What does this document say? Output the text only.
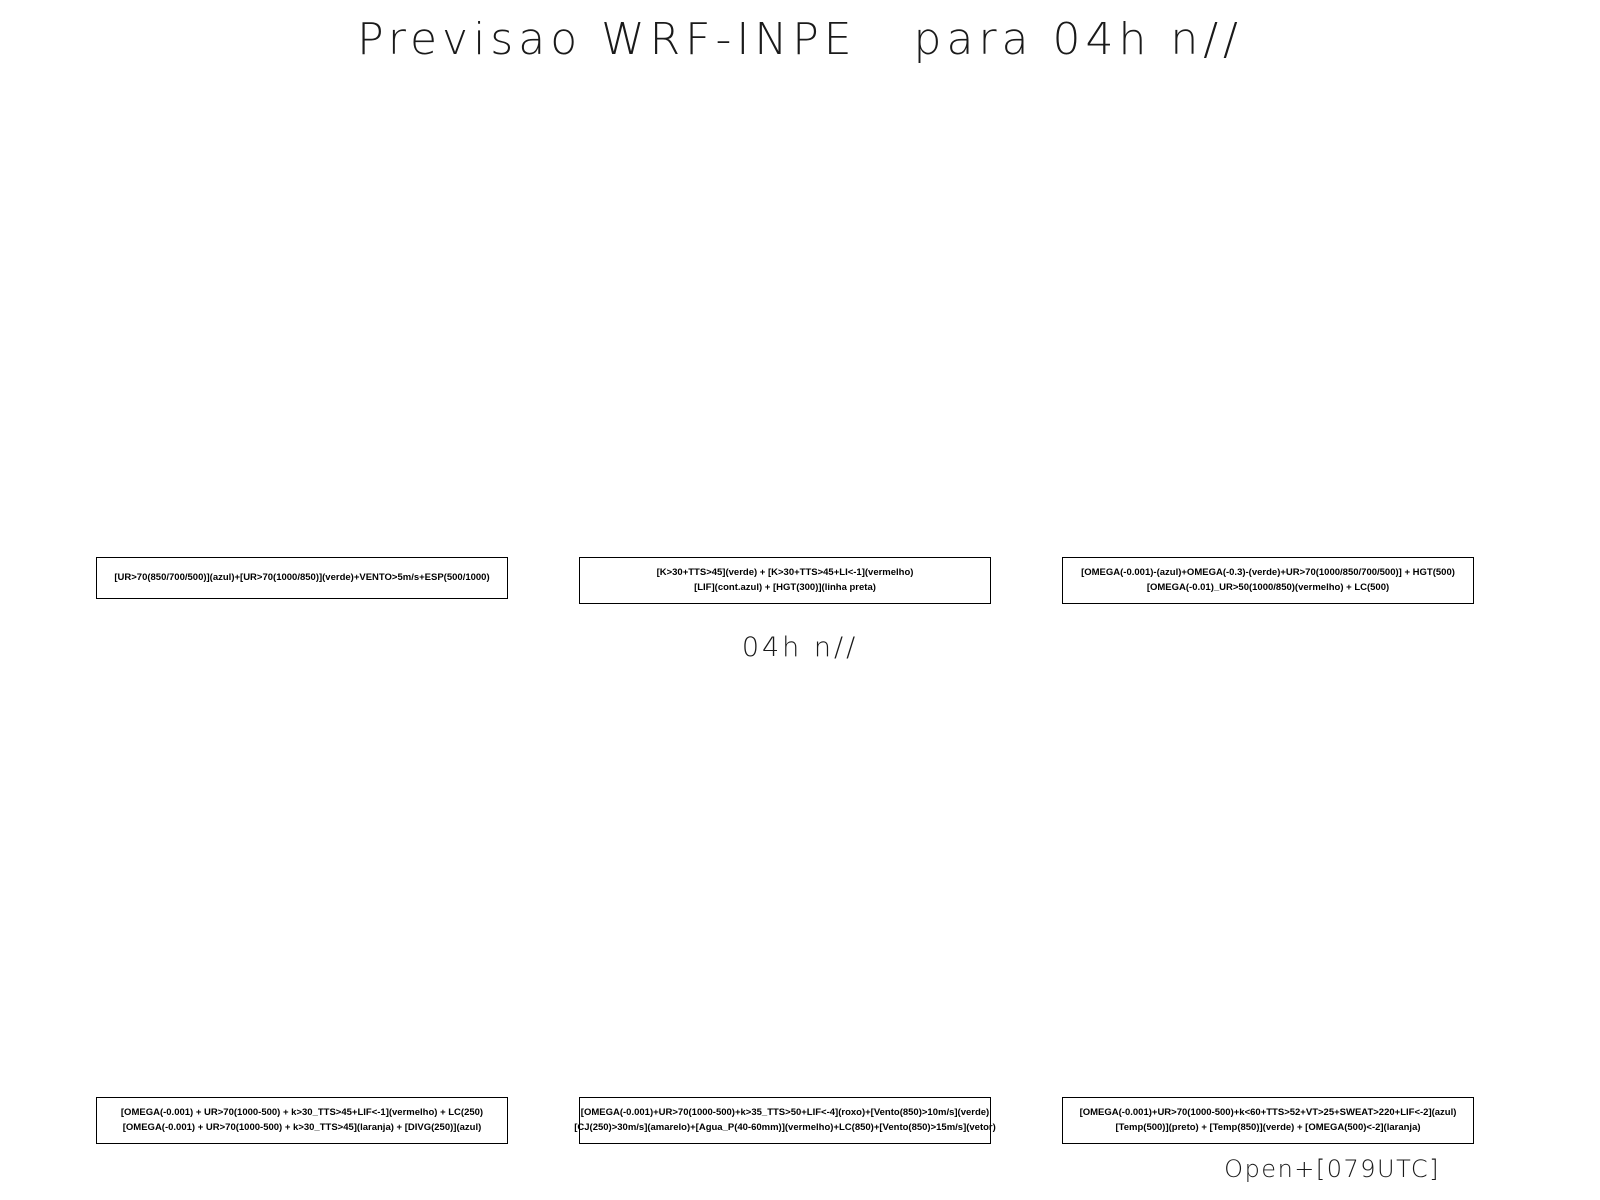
Previsao WRF-INPE   para 04h n//
[UR>70(850/700/500)](azul)+[UR>70(1000/850)](verde)+VENTO>5m/s+ESP(500/1000)	[K>30+TTS>45](verde) + [K>30+TTS>45+LI<-1](vermelho)
[LIF](cont.azul) + [HGT(300)](linha preta)
[OMEGA(-0.001)-(azul)+OMEGA(-0.3)-(verde)+UR>70(1000/850/700/500)] + HGT(500)
[OMEGA(-0.01)_UR>50(1000/850)(vermelho) + LC(500)
04h n//
[OMEGA(-0.001) + UR>70(1000-500) + k>30_TTS>45+LIF<-1](vermelho) + LC(250)
[OMEGA(-0.001) + UR>70(1000-500) + k>30_TTS>45](laranja) + [DIVG(250)](azul)
[OMEGA(-0.001)+UR>70(1000-500)+k>35_TTS>50+LIF<-4](roxo)+[Vento(850)>10m/s](verde)
[CJ(250)>30m/s](amarelo)+[Agua_P(40-60mm)](vermelho)+LC(850)+[Vento(850)>15m/s](vetor)
[OMEGA(-0.001)+UR>70(1000-500)+k<60+TTS>52+VT>25+SWEAT>220+LIF<-2](azul)
[Temp(500)](preto) + [Temp(850)](verde) + [OMEGA(500)<-2](laranja)
Open+[079UTC]
